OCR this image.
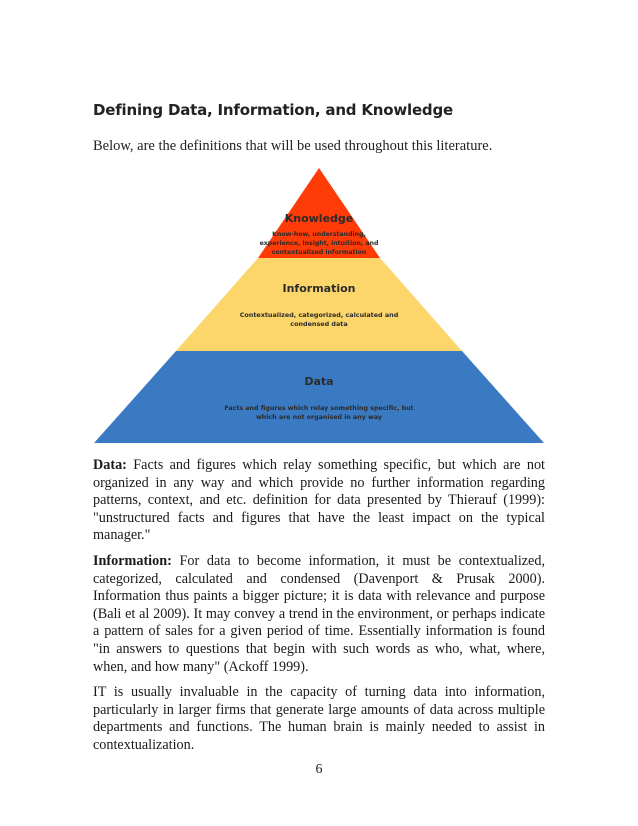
Defining Data, Information, and Knowledge
Below, are the definitions that will be used throughout this literature.
Knowledge
Know-how, understanding,
experience, insight, intuition, and
contextualized information
Information
Contextualized, categorized, calculated and
condensed data
Data
Facts and figures which relay something specific, but
which are not organised in any way

Data: Facts and figures which relay something specific, but which are not organized in any way and which provide no further information regarding patterns, context, and etc. definition for data presented by Thierauf (1999): "unstructured facts and figures that have the least impact on the typical manager."

Information: For data to become information, it must be contextualized, categorized, calculated and condensed (Davenport & Prusak 2000). Information thus paints a bigger picture; it is data with relevance and purpose (Bali et al 2009). It may convey a trend in the environment, or perhaps indicate a pattern of sales for a given period of time. Essentially information is found "in answers to questions that begin with such words as who, what, where, when, and how many" (Ackoff 1999).

IT is usually invaluable in the capacity of turning data into information, particularly in larger firms that generate large amounts of data across multiple departments and functions. The human brain is mainly needed to assist in contextualization.

6
